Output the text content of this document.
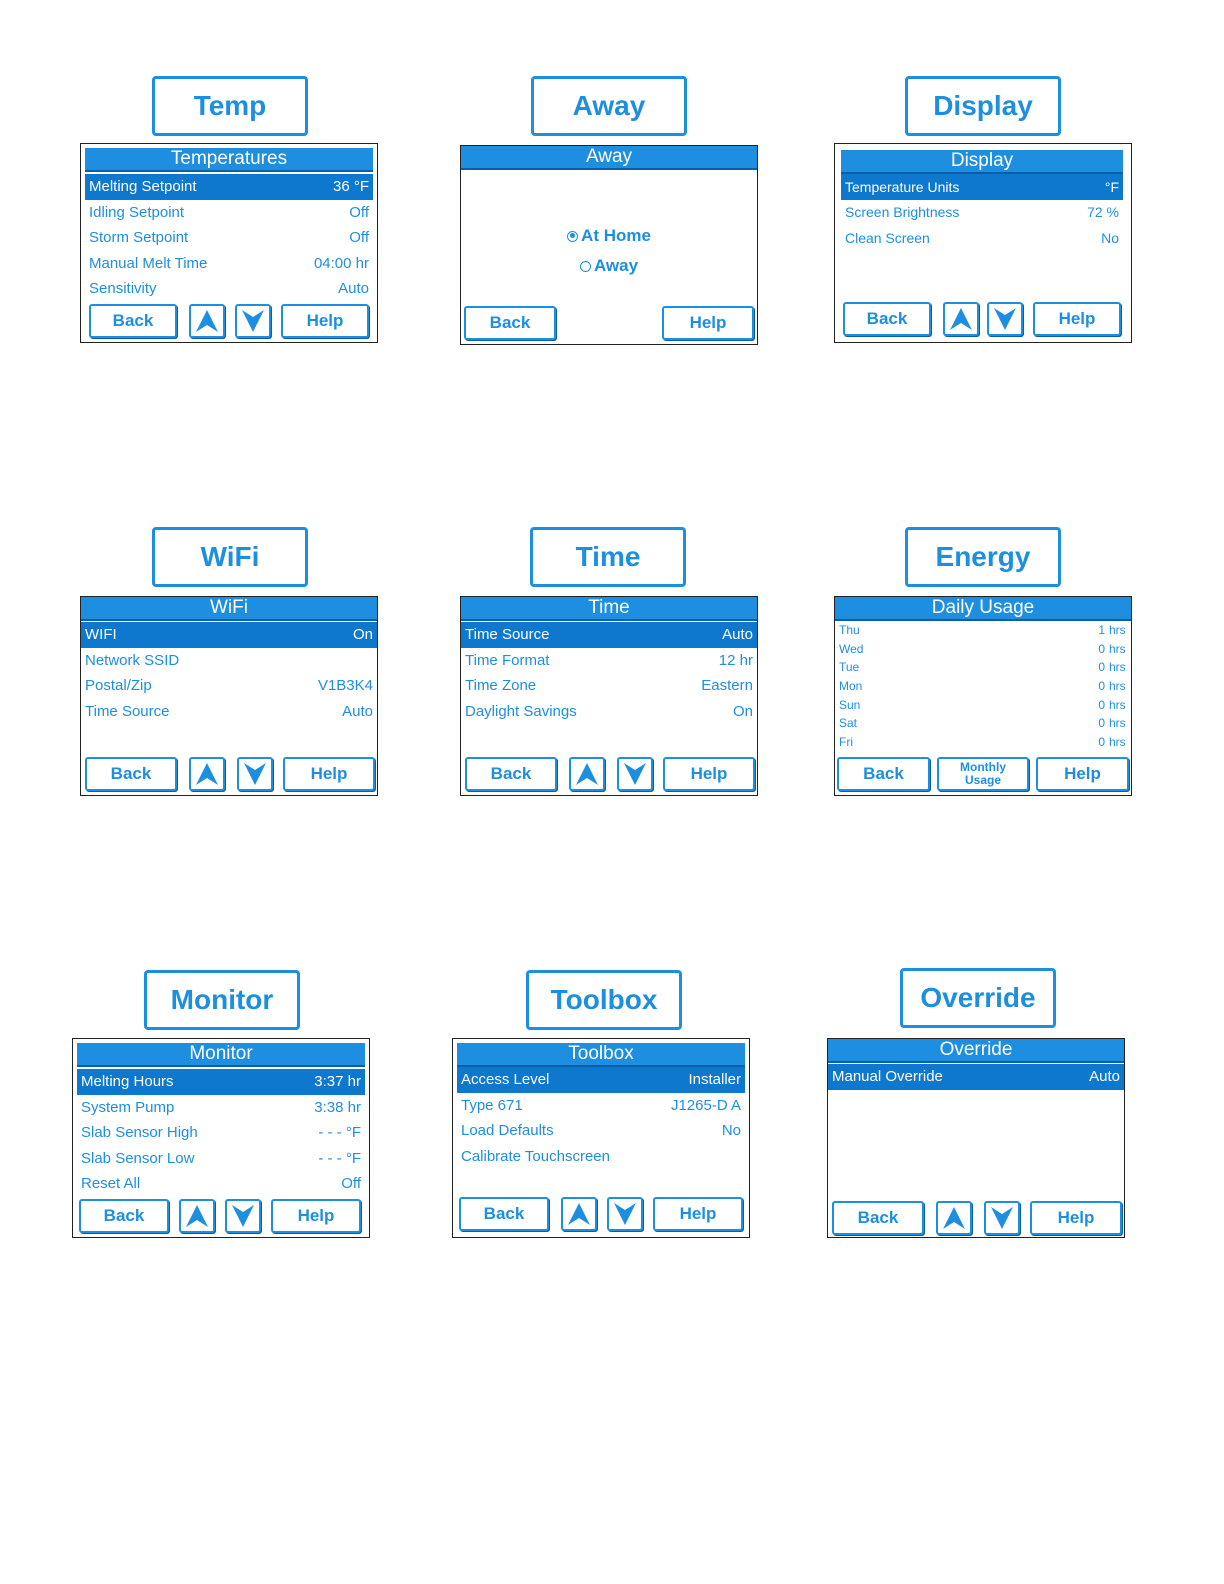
Temp
Temperatures
Melting Setpoint	36 °F
Idling Setpoint	Off
Storm Setpoint	Off
Manual Melt Time	04:00 hr
Sensitivity	Auto
Back	Help
Away
Away
At Home
Away
Back	Help
Display
Display
Temperature Units	°F
Screen Brightness	72 %
Clean Screen	No
Back	Help
WiFi
WiFi
WIFI	On
Network SSID
Postal/Zip	V1B3K4
Time Source	Auto
Back	Help
Time
Time
Time Source	Auto
Time Format	12 hr
Time Zone	Eastern
Daylight Savings	On
Back	Help
Energy
Daily Usage
Thu	1 hrs
Wed	0 hrs
Tue	0 hrs
Mon	0 hrs
Sun	0 hrs
Sat	0 hrs
Fri	0 hrs
Back	Monthly
Usage	Help
Monitor
Monitor
Melting Hours	3:37 hr
System Pump	3:38 hr
Slab Sensor High	- - - °F
Slab Sensor Low	- - - °F
Reset All	Off
Back	Help
Toolbox
Toolbox
Access Level	Installer
Type 671	J1265-D A
Load Defaults	No
Calibrate Touchscreen
Back	Help
Override
Override
Manual Override	Auto
Back	Help
